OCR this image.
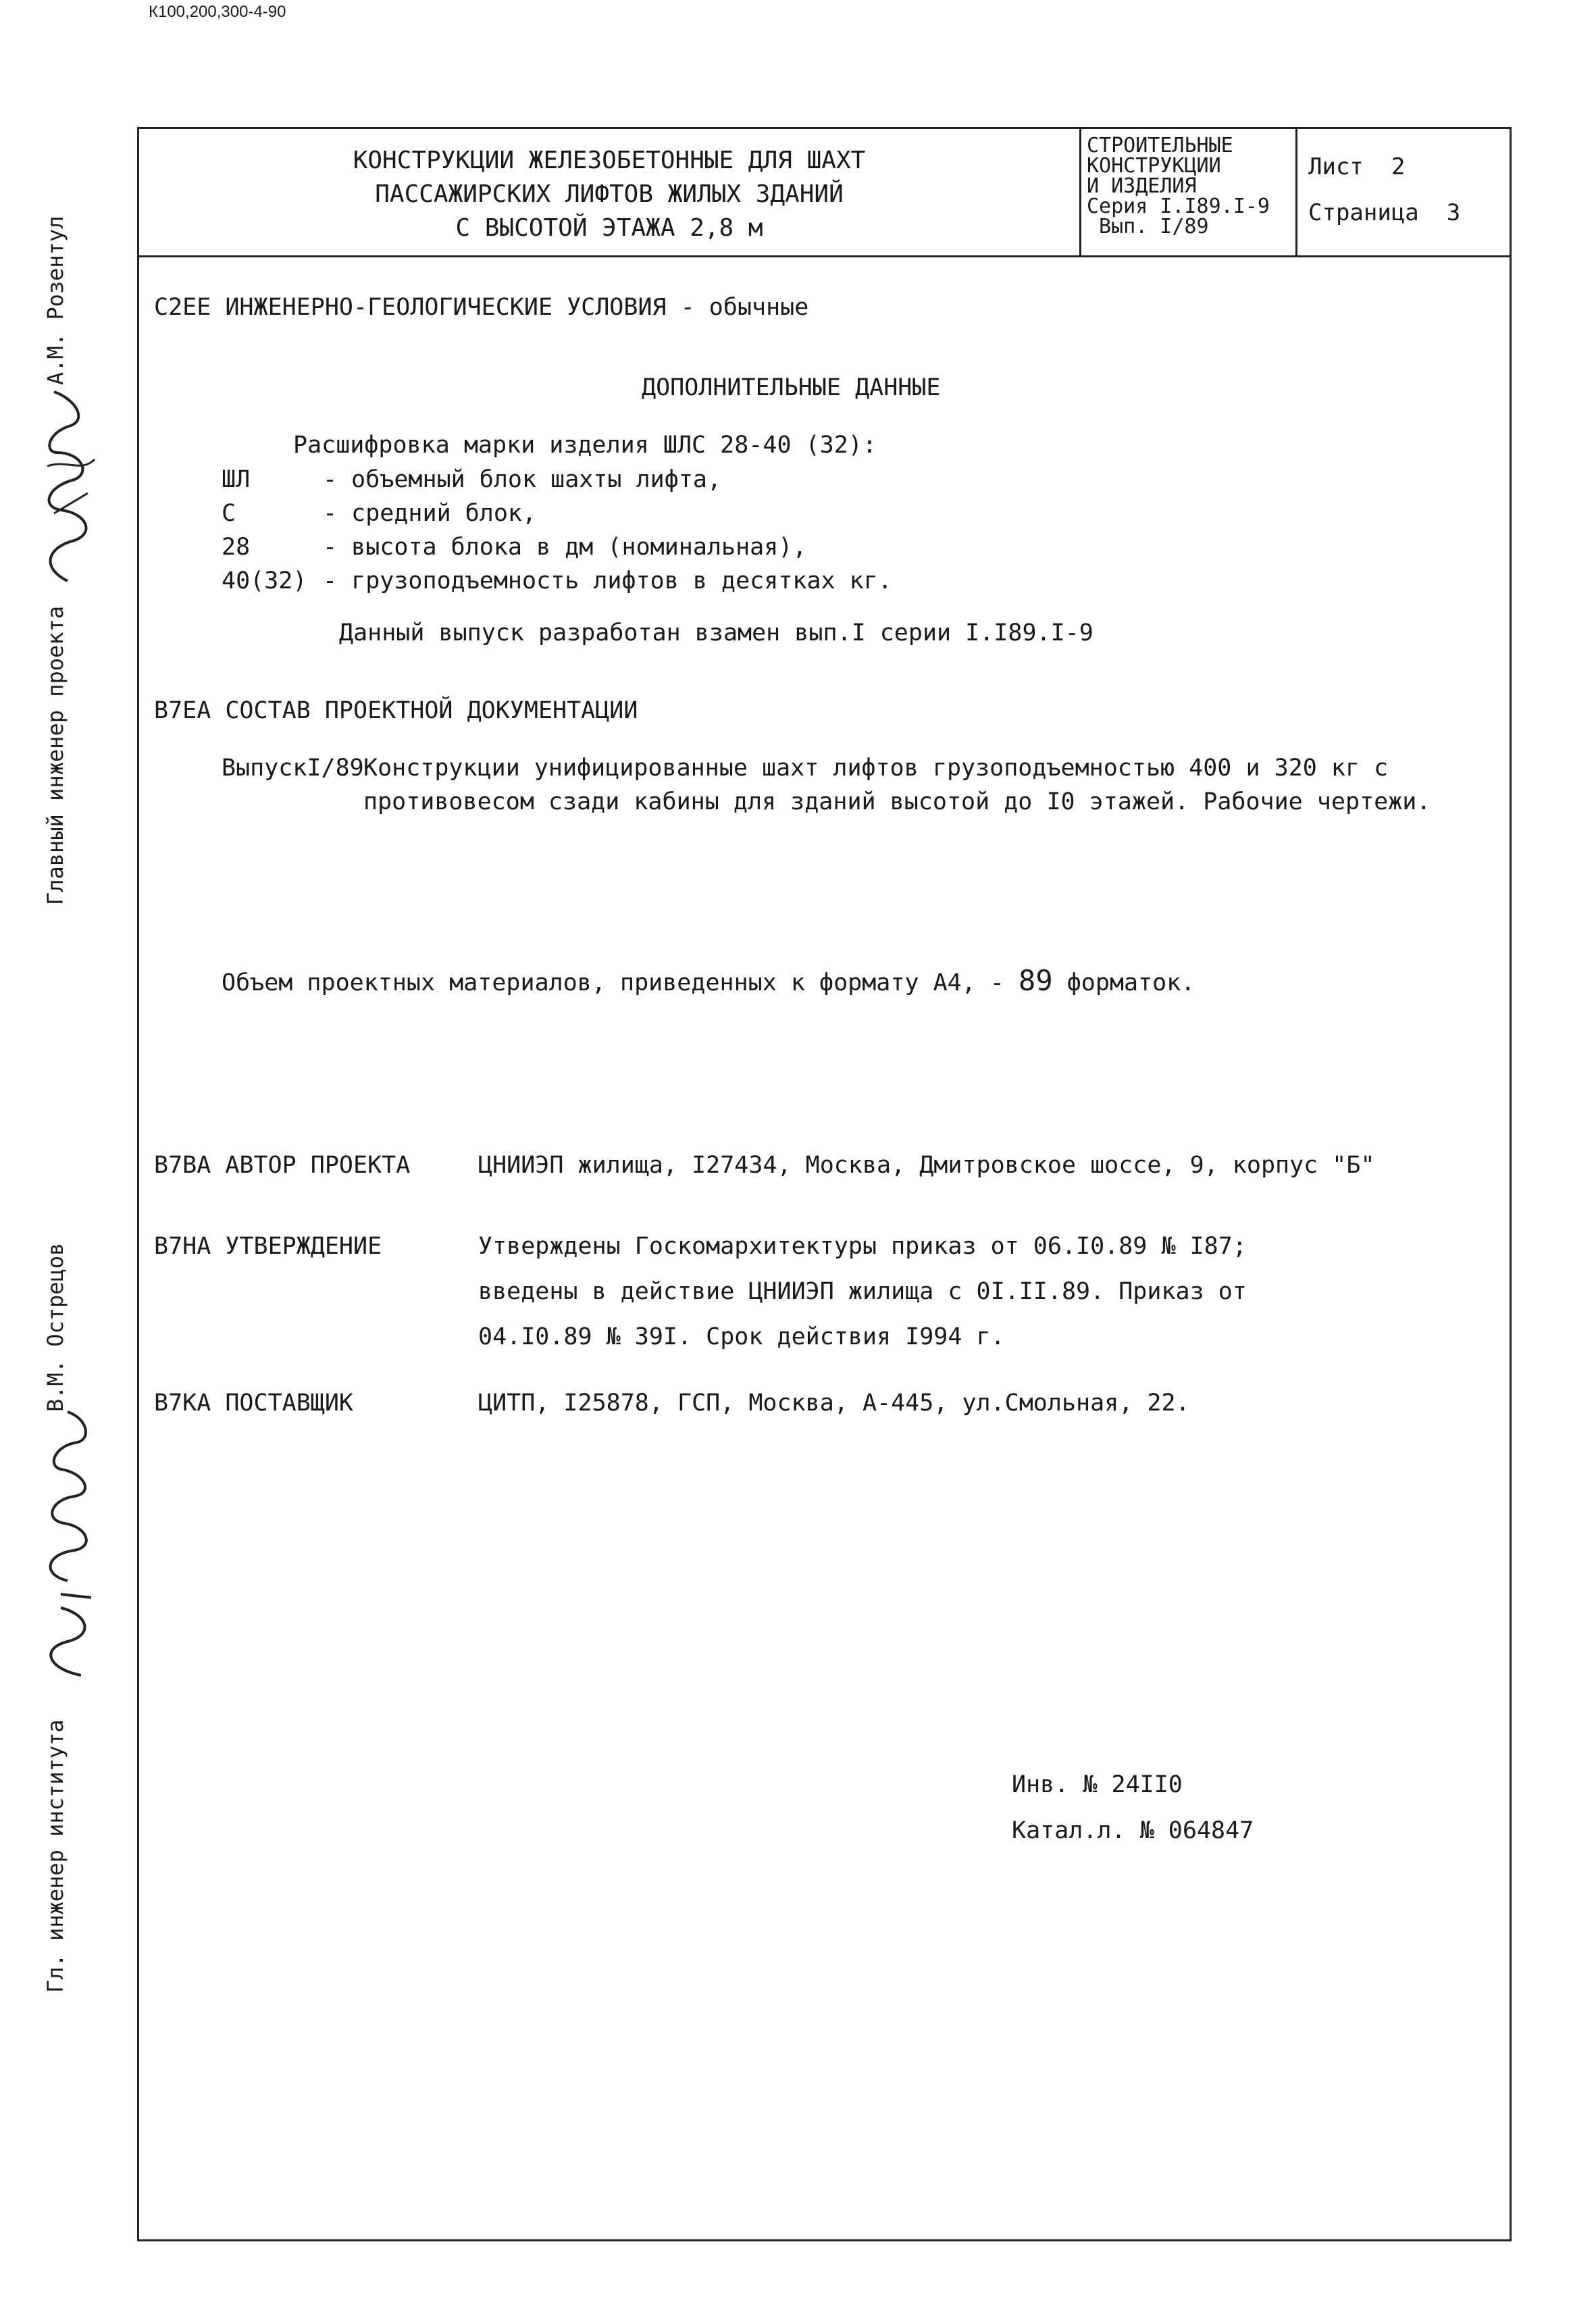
К100,200,300-4-90
Главный инженер проекта
А.М. Розентул
Гл. инженер института
В.М. Острецов
КОНСТРУКЦИИ ЖЕЛЕЗОБЕТОННЫЕ ДЛЯ ШАХТ
ПАССАЖИРСКИХ ЛИФТОВ ЖИЛЫХ ЗДАНИЙ
С ВЫСОТОЙ ЭТАЖА 2,8 м
СТРОИТЕЛЬНЫЕ
КОНСТРУКЦИИ
И ИЗДЕЛИЯ
Серия I.I89.I-9
Вып. I/89
Лист 2
Страница 3
С2ЕЕ ИНЖЕНЕРНО-ГЕОЛОГИЧЕСКИЕ УСЛОВИЯ - обычные
ДОПОЛНИТЕЛЬНЫЕ ДАННЫЕ
Расшифровка марки изделия ШЛС 28-40 (32):
ШЛ	- объемный блок шахты лифта,
С	- средний блок,
28	- высота блока в дм (номинальная),
40(32) - грузоподъемность лифтов в десятках кг.
Данный выпуск разработан взамен вып.I серии I.I89.I-9
В7ЕА СОСТАВ ПРОЕКТНОЙ ДОКУМЕНТАЦИИ
ВыпускI/89 Конструкции унифицированные шахт лифтов грузоподъемностью 400 и 320 кг с
противовесом сзади кабины для зданий высотой до I0 этажей. Рабочие чертежи.
Объем проектных материалов, приведенных к формату А4, - 89 форматок.
В7ВА АВТОР ПРОЕКТА	ЦНИИЭП жилища, I27434, Москва, Дмитровское шоссе, 9, корпус "Б"
В7НА УТВЕРЖДЕНИЕ	Утверждены Госкомархитектуры приказ от 06.I0.89 № I87;
введены в действие ЦНИИЭП жилища с 0I.II.89. Приказ от
04.I0.89 № 39I. Срок действия I994 г.
В7КА ПОСТАВЩИК	ЦИТП, I25878, ГСП, Москва, А-445, ул.Смольная, 22.
Инв. № 24II0
Катал.л. № 064847
